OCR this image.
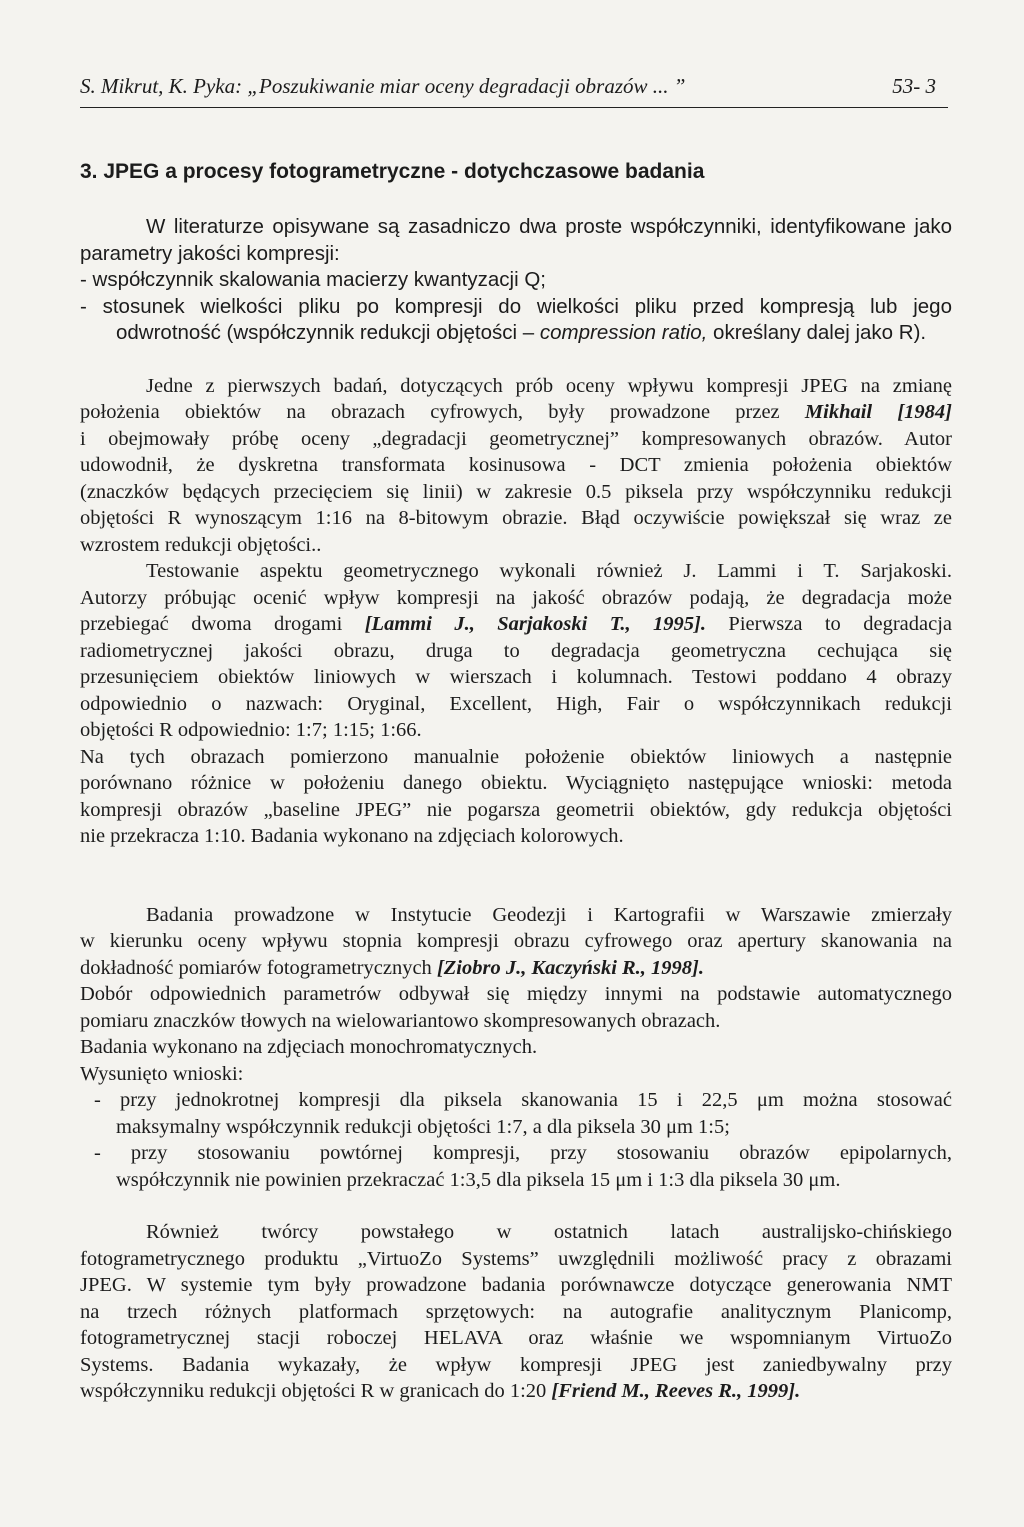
S. Mikrut, K. Pyka: „Poszukiwanie miar oceny degradacji obrazów ... ”	53- 3
3. JPEG a procesy fotogrametryczne - dotychczasowe badania
W literaturze opisywane są zasadniczo dwa proste współczynniki, identyfikowane jako
parametry jakości kompresji:
- współczynnik skalowania macierzy kwantyzacji Q;
- stosunek wielkości pliku po kompresji do wielkości pliku przed kompresją lub jego
odwrotność (współczynnik redukcji objętości – compression ratio, określany dalej jako R).
Jedne z pierwszych badań, dotyczących prób oceny wpływu kompresji JPEG na zmianę
położenia obiektów na obrazach cyfrowych, były prowadzone przez Mikhail [1984]
i obejmowały próbę oceny „degradacji geometrycznej” kompresowanych obrazów. Autor
udowodnił, że dyskretna transformata kosinusowa - DCT zmienia położenia obiektów
(znaczków będących przecięciem się linii) w zakresie 0.5 piksela przy współczynniku redukcji
objętości R wynoszącym 1:16 na 8-bitowym obrazie. Błąd oczywiście powiększał się wraz ze
wzrostem redukcji objętości..
Testowanie aspektu geometrycznego wykonali również J. Lammi i T. Sarjakoski.
Autorzy próbując ocenić wpływ kompresji na jakość obrazów podają, że degradacja może
przebiegać dwoma drogami [Lammi J., Sarjakoski T., 1995]. Pierwsza to degradacja
radiometrycznej jakości obrazu, druga to degradacja geometryczna cechująca się
przesunięciem obiektów liniowych w wierszach i kolumnach. Testowi poddano 4 obrazy
odpowiednio o nazwach: Oryginal, Excellent, High, Fair o współczynnikach redukcji
objętości R odpowiednio: 1:7; 1:15; 1:66.
Na tych obrazach pomierzono manualnie położenie obiektów liniowych a następnie
porównano różnice w położeniu danego obiektu. Wyciągnięto następujące wnioski: metoda
kompresji obrazów „baseline JPEG” nie pogarsza geometrii obiektów, gdy redukcja objętości
nie przekracza 1:10. Badania wykonano na zdjęciach kolorowych.
Badania prowadzone w Instytucie Geodezji i Kartografii w Warszawie zmierzały
w kierunku oceny wpływu stopnia kompresji obrazu cyfrowego oraz apertury skanowania na
dokładność pomiarów fotogrametrycznych [Ziobro J., Kaczyński R., 1998].
Dobór odpowiednich parametrów odbywał się między innymi na podstawie automatycznego
pomiaru znaczków tłowych na wielowariantowo skompresowanych obrazach.
Badania wykonano na zdjęciach monochromatycznych.
Wysunięto wnioski:
- przy jednokrotnej kompresji dla piksela skanowania 15 i 22,5 μm można stosować
maksymalny współczynnik redukcji objętości 1:7, a dla piksela 30 μm 1:5;
- przy stosowaniu powtórnej kompresji, przy stosowaniu obrazów epipolarnych,
współczynnik nie powinien przekraczać 1:3,5 dla piksela 15 μm i 1:3 dla piksela 30 μm.
Również twórcy powstałego w ostatnich latach australijsko-chińskiego
fotogrametrycznego produktu „VirtuoZo Systems” uwzględnili możliwość pracy z obrazami
JPEG. W systemie tym były prowadzone badania porównawcze dotyczące generowania NMT
na trzech różnych platformach sprzętowych: na autografie analitycznym Planicomp,
fotogrametrycznej stacji roboczej HELAVA oraz właśnie we wspomnianym VirtuoZo
Systems. Badania wykazały, że wpływ kompresji JPEG jest zaniedbywalny przy
współczynniku redukcji objętości R w granicach do 1:20 [Friend M., Reeves R., 1999].
